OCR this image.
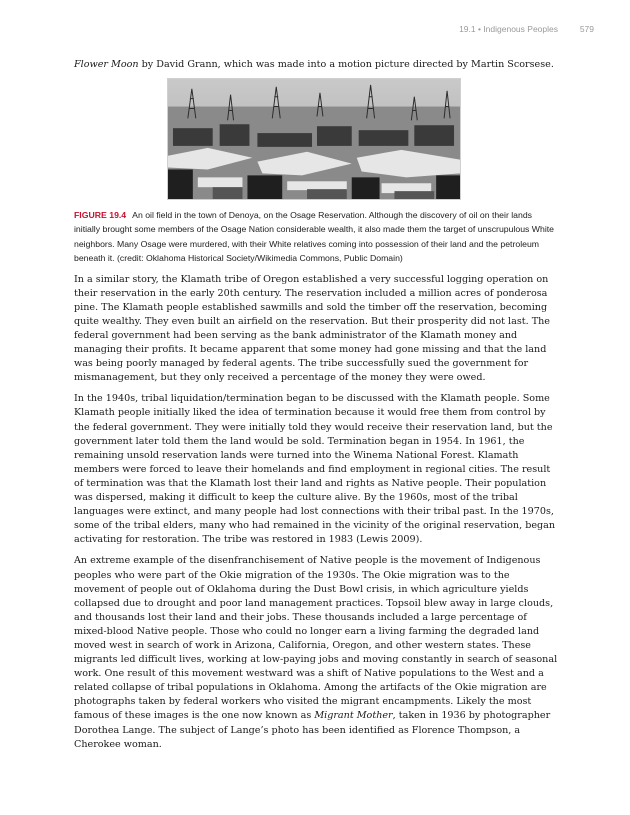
19.1 • Indigenous Peoples	579

Flower Moon by David Grann, which was made into a motion picture directed by Martin Scorsese.

FIGURE 19.4 An oil field in the town of Denoya, on the Osage Reservation. Although the discovery of oil on their lands initially brought some members of the Osage Nation considerable wealth, it also made them the target of unscrupulous White neighbors. Many Osage were murdered, with their White relatives coming into possession of their land and the petroleum beneath it. (credit: Oklahoma Historical Society/Wikimedia Commons, Public Domain)

In a similar story, the Klamath tribe of Oregon established a very successful logging operation on their reservation in the early 20th century. The reservation included a million acres of ponderosa pine. The Klamath people established sawmills and sold the timber off the reservation, becoming quite wealthy. They even built an airfield on the reservation. But their prosperity did not last. The federal government had been serving as the bank administrator of the Klamath money and managing their profits. It became apparent that some money had gone missing and that the land was being poorly managed by federal agents. The tribe successfully sued the government for mismanagement, but they only received a percentage of the money they were owed.

In the 1940s, tribal liquidation/termination began to be discussed with the Klamath people. Some Klamath people initially liked the idea of termination because it would free them from control by the federal government. They were initially told they would receive their reservation land, but the government later told them the land would be sold. Termination began in 1954. In 1961, the remaining unsold reservation lands were turned into the Winema National Forest. Klamath members were forced to leave their homelands and find employment in regional cities. The result of termination was that the Klamath lost their land and rights as Native people. Their population was dispersed, making it difficult to keep the culture alive. By the 1960s, most of the tribal languages were extinct, and many people had lost connections with their tribal past. In the 1970s, some of the tribal elders, many who had remained in the vicinity of the original reservation, began activating for restoration. The tribe was restored in 1983 (Lewis 2009).

An extreme example of the disenfranchisement of Native people is the movement of Indigenous peoples who were part of the Okie migration of the 1930s. The Okie migration was to the movement of people out of Oklahoma during the Dust Bowl crisis, in which agriculture yields collapsed due to drought and poor land management practices. Topsoil blew away in large clouds, and thousands lost their land and their jobs. These thousands included a large percentage of mixed-blood Native people. Those who could no longer earn a living farming the degraded land moved west in search of work in Arizona, California, Oregon, and other western states. These migrants led difficult lives, working at low-paying jobs and moving constantly in search of seasonal work. One result of this movement westward was a shift of Native populations to the West and a related collapse of tribal populations in Oklahoma. Among the artifacts of the Okie migration are photographs taken by federal workers who visited the migrant encampments. Likely the most famous of these images is the one now known as Migrant Mother, taken in 1936 by photographer Dorothea Lange. The subject of Lange’s photo has been identified as Florence Thompson, a Cherokee woman.
